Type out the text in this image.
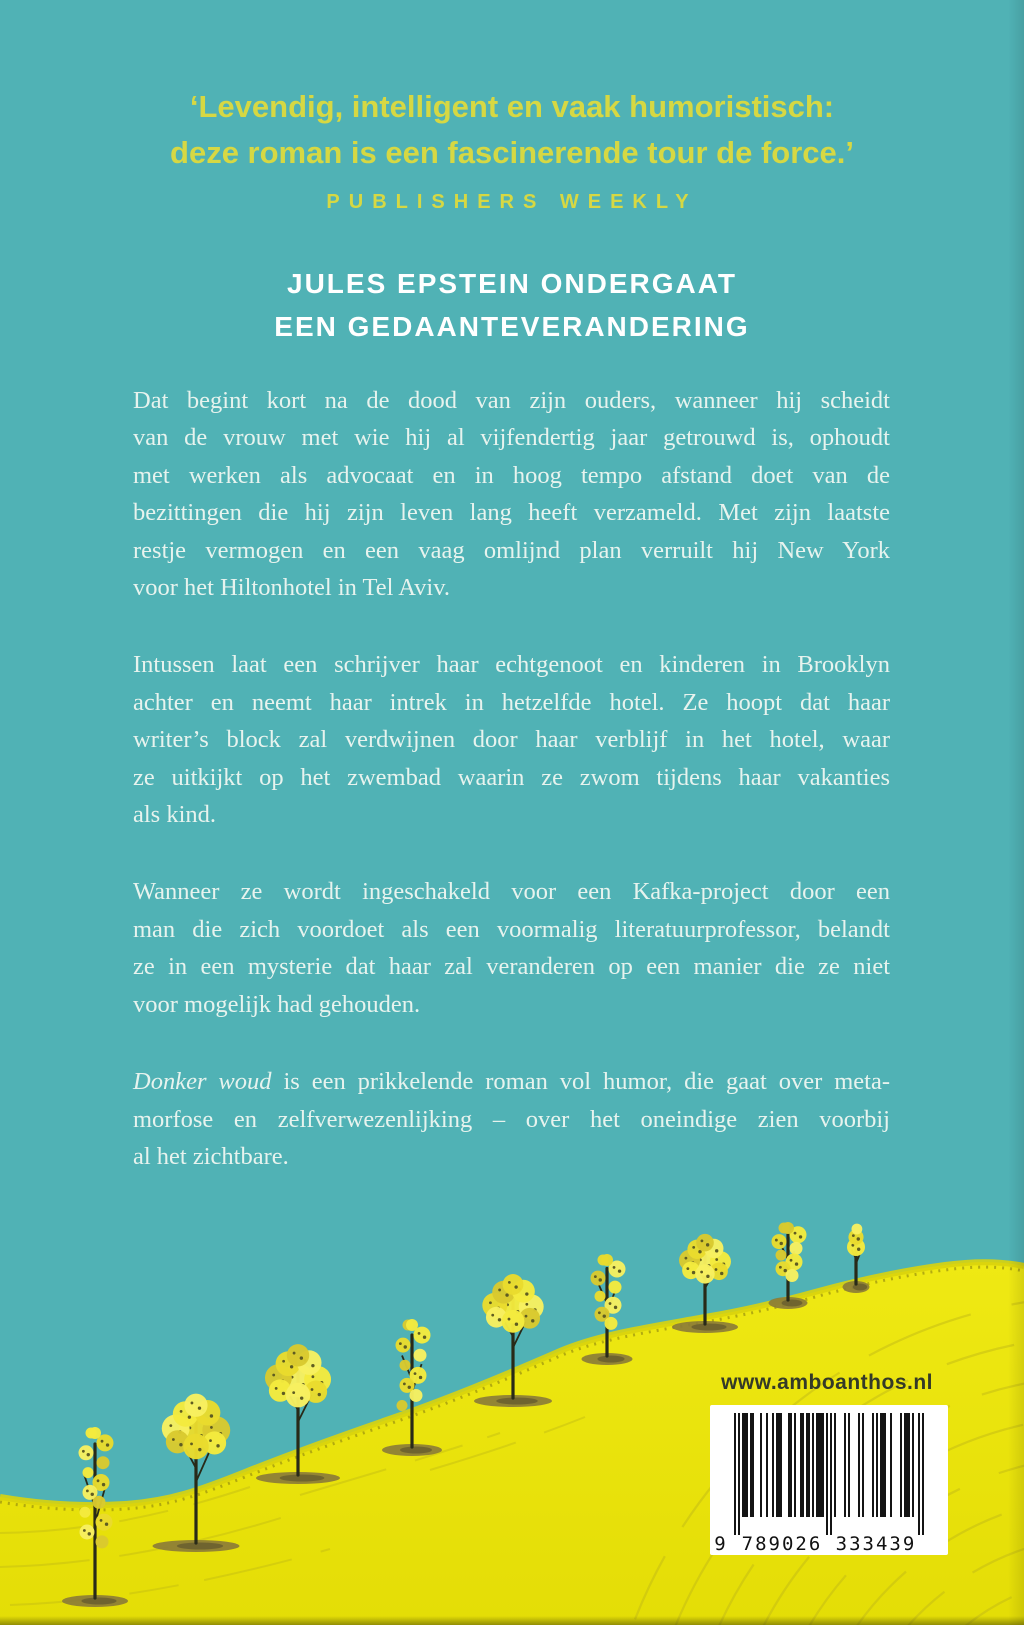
‘Levendig, intelligent en vaak humoristisch:
deze roman is een fascinerende tour de force.’
PUBLISHERS WEEKLY
JULES EPSTEIN ONDERGAAT
EEN GEDAANTEVERANDERING
Dat begint kort na de dood van zijn ouders, wanneer hij scheidt
van de vrouw met wie hij al vijfendertig jaar getrouwd is, ophoudt
met werken als advocaat en in hoog tempo afstand doet van de
bezittingen die hij zijn leven lang heeft verzameld. Met zijn laatste
restje vermogen en een vaag omlijnd plan verruilt hij New York
voor het Hiltonhotel in Tel Aviv.
Intussen laat een schrijver haar echtgenoot en kinderen in Brooklyn
achter en neemt haar intrek in hetzelfde hotel. Ze hoopt dat haar
writer’s block zal verdwijnen door haar verblijf in het hotel, waar
ze uitkijkt op het zwembad waarin ze zwom tijdens haar vakanties
als kind.
Wanneer ze wordt ingeschakeld voor een Kafka-project door een
man die zich voordoet als een voormalig literatuurprofessor, belandt
ze in een mysterie dat haar zal veranderen op een manier die ze niet
voor mogelijk had gehouden.
Donker woud is een prikkelende roman vol humor, die gaat over meta-
morfose en zelfverwezenlijking – over het oneindige zien voorbij
al het zichtbare.
www.amboanthos.nl
9 789026 333439
